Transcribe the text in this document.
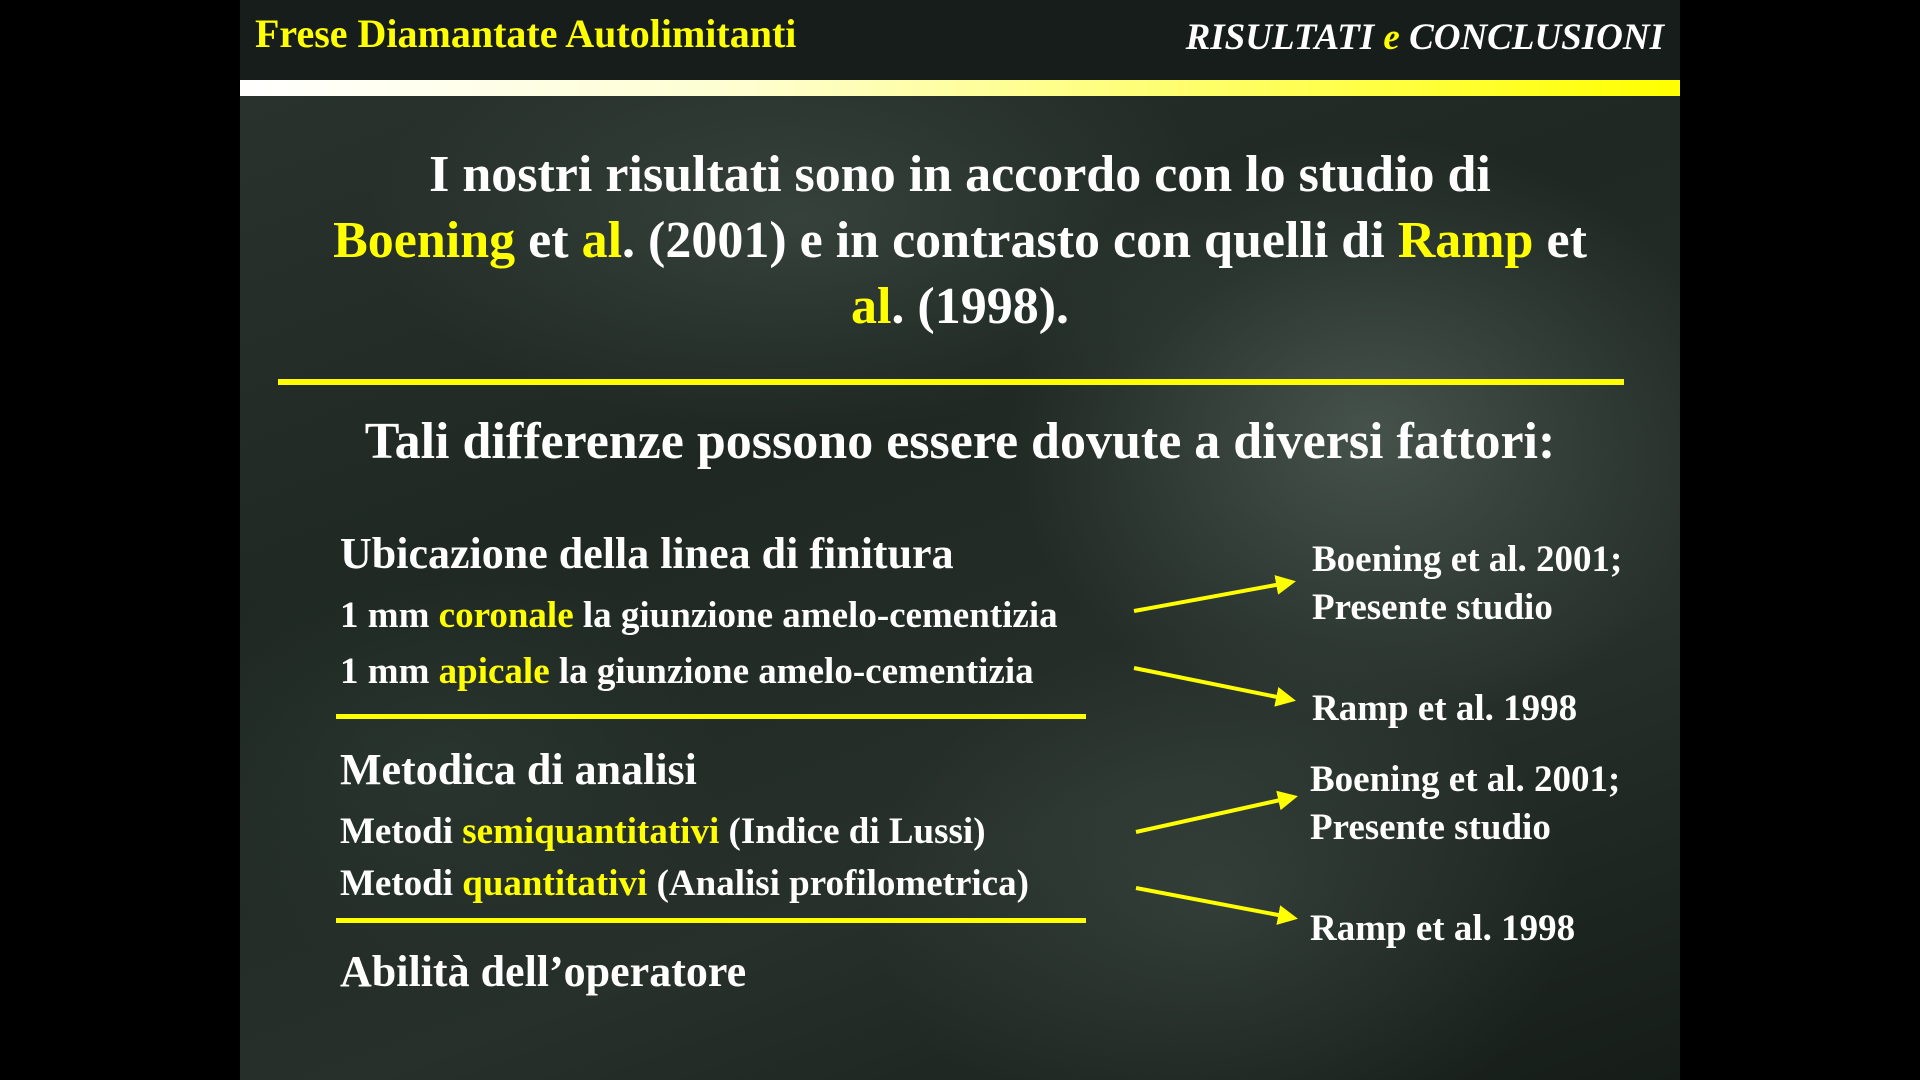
Frese Diamantate Autolimitanti	RISULTATI e CONCLUSIONI
I nostri risultati sono in accordo con lo studio di
Boening et al. (2001) e in contrasto con quelli di Ramp et
al. (1998).
Tali differenze possono essere dovute a diversi fattori:
Ubicazione della linea di finitura
1 mm coronale la giunzione amelo-cementizia
1 mm apicale la giunzione amelo-cementizia
Metodica di analisi
Metodi semiquantitativi (Indice di Lussi)
Metodi quantitativi (Analisi profilometrica)
Abilità dell’operatore
Boening et al. 2001;
Presente studio
Ramp et al. 1998
Boening et al. 2001;
Presente studio
Ramp et al. 1998
